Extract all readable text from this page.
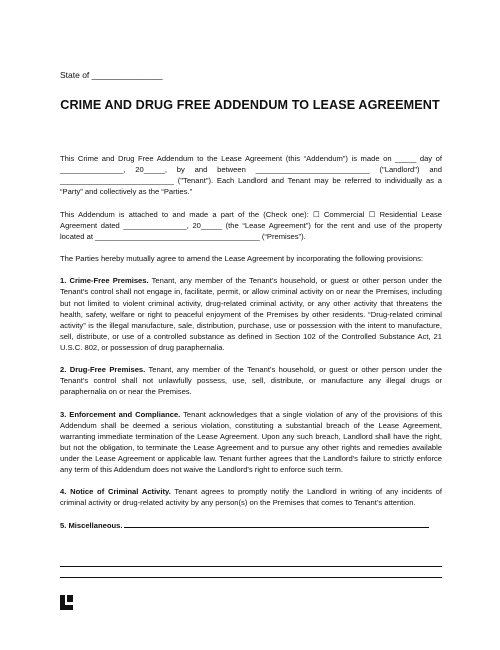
State of _______________
CRIME AND DRUG FREE ADDENDUM TO LEASE AGREEMENT

This Crime and Drug Free Addendum to the Lease Agreement (this “Addendum”) is made on _____ day of _______________, 20_____, by and between ___________________________ ("Landlord") and ___________________________ ("Tenant"). Each Landlord and Tenant may be referred to individually as a “Party” and collectively as the “Parties.”

This Addendum is attached to and made a part of the (Check one): ☐ Commercial ☐ Residential Lease Agreement dated _______________, 20_____ (the “Lease Agreement”) for the rent and use of the property located at _______________________________________ (“Premises”).

The Parties hereby mutually agree to amend the Lease Agreement by incorporating the following provisions:

1. Crime-Free Premises. Tenant, any member of the Tenant's household, or guest or other person under the Tenant’s control shall not engage in, facilitate, permit, or allow criminal activity on or near the Premises, including but not limited to violent criminal activity, drug-related criminal activity, or any other activity that threatens the health, safety, welfare or right to peaceful enjoyment of the Premises by other residents. “Drug-related criminal activity” is the illegal manufacture, sale, distribution, purchase, use or possession with the intent to manufacture, sell, distribute, or use of a controlled substance as defined in Section 102 of the Controlled Substance Act, 21 U.S.C. 802, or possession of drug paraphernalia.

2. Drug-Free Premises. Tenant, any member of the Tenant’s household, or guest or other person under the Tenant’s control shall not unlawfully possess, use, sell, distribute, or manufacture any illegal drugs or paraphernalia on or near the Premises.

3. Enforcement and Compliance. Tenant acknowledges that a single violation of any of the provisions of this Addendum shall be deemed a serious violation, constituting a substantial breach of the Lease Agreement, warranting immediate termination of the Lease Agreement. Upon any such breach, Landlord shall have the right, but not the obligation, to terminate the Lease Agreement and to pursue any other rights and remedies available under the Lease Agreement or applicable law. Tenant further agrees that the Landlord's failure to strictly enforce any term of this Addendum does not waive the Landlord's right to enforce such term.

4. Notice of Criminal Activity. Tenant agrees to promptly notify the Landlord in writing of any incidents of criminal activity or drug-related activity by any person(s) on the Premises that comes to Tenant’s attention.

5. Miscellaneous.
